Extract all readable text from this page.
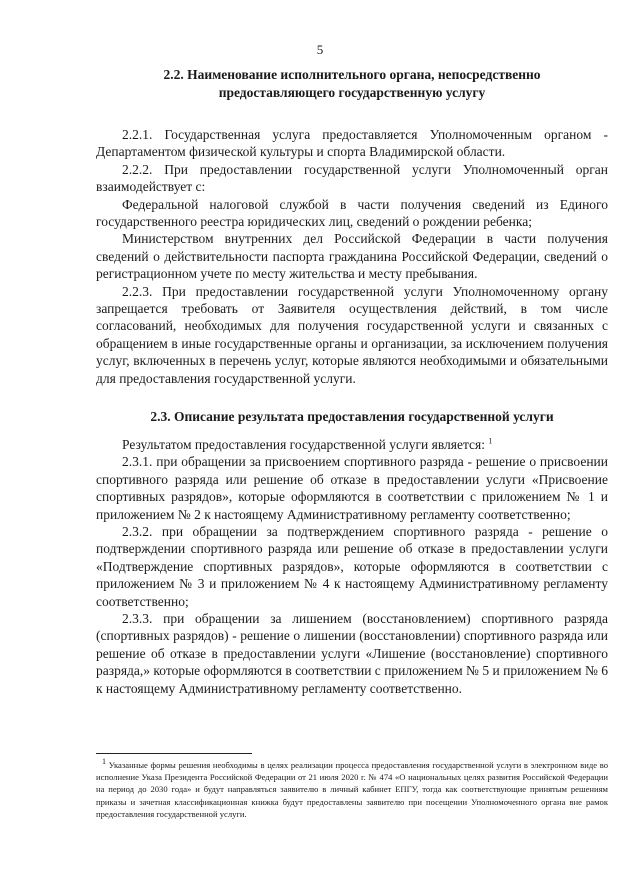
5
2.2. Наименование исполнительного органа, непосредственно
предоставляющего государственную услугу

2.2.1. Государственная услуга предоставляется Уполномоченным органом - Департаментом физической культуры и спорта Владимирской области.

2.2.2. При предоставлении государственной услуги Уполномоченный орган взаимодействует с:

Федеральной налоговой службой в части получения сведений из Единого государственного реестра юридических лиц, сведений о рождении ребенка;

Министерством внутренних дел Российской Федерации в части получения сведений о действительности паспорта гражданина Российской Федерации, сведений о регистрационном учете по месту жительства и месту пребывания.

2.2.3. При предоставлении государственной услуги Уполномоченному органу запрещается требовать от Заявителя осуществления действий, в том числе согласований, необходимых для получения государственной услуги и связанных с обращением в иные государственные органы и организации, за исключением получения услуг, включенных в перечень услуг, которые являются необходимыми и обязательными для предоставления государственной услуги.

2.3. Описание результата предоставления государственной услуги

Результатом предоставления государственной услуги является: $^1$

2.3.1. при обращении за присвоением спортивного разряда - решение о присвоении спортивного разряда или решение об отказе в предоставлении услуги «Присвоение спортивных разрядов», которые оформляются в соответствии с приложением № 1 и приложением № 2 к настоящему Административному регламенту соответственно;

2.3.2. при обращении за подтверждением спортивного разряда - решение о подтверждении спортивного разряда или решение об отказе в предоставлении услуги «Подтверждение спортивных разрядов», которые оформляются в соответствии с приложением № 3 и приложением № 4 к настоящему Административному регламенту соответственно;

2.3.3. при обращении за лишением (восстановлением) спортивного разряда (спортивных разрядов) - решение о лишении (восстановлении) спортивного разряда или решение об отказе в предоставлении услуги «Лишение (восстановление) спортивного разряда,» которые оформляются в соответствии с приложением № 5 и приложением № 6 к настоящему Административному регламенту соответственно.

$^1$ Указанные формы решения необходимы в целях реализации процесса предоставления государственной услуги в электронном виде во исполнение Указа Президента Российской Федерации от 21 июля 2020 г. № 474 «О национальных целях развития Российской Федерации на период до 2030 года» и будут направляться заявителю в личный кабинет ЕПГУ, тогда как соответствующие принятым решениям приказы и зачетная классификационная книжка будут предоставлены заявителю при посещении Уполномоченного органа вне рамок предоставления государственной услуги.
